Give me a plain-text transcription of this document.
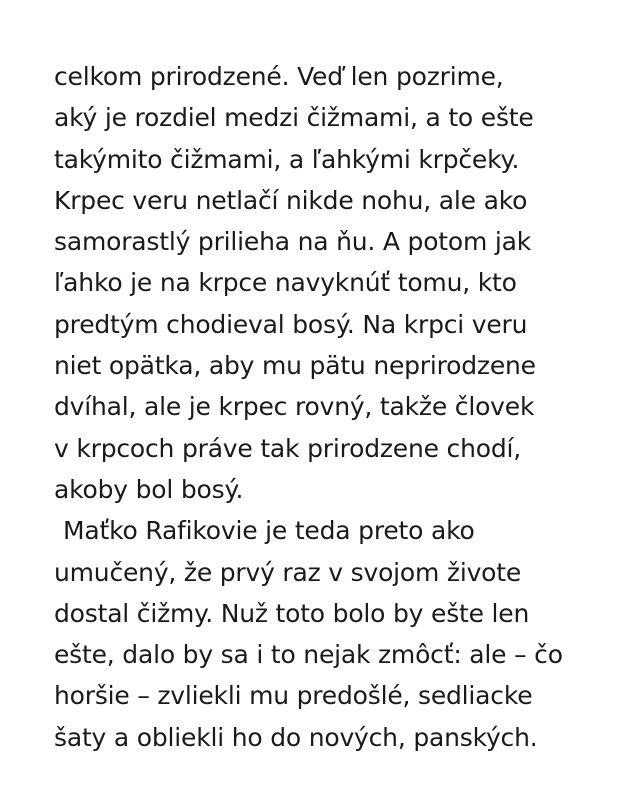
celkom prirodzené. Veď len pozrime,
aký je rozdiel medzi čižmami, a to ešte
takýmito čižmami, a ľahkými krpčeky.
Krpec veru netlačí nikde nohu, ale ako
samorastlý prilieha na ňu. A potom jak
ľahko je na krpce navyknúť tomu, kto
predtým chodieval bosý. Na krpci veru
niet opätka, aby mu pätu neprirodzene
dvíhal, ale je krpec rovný, takže človek
v krpcoch práve tak prirodzene chodí,
akoby bol bosý.
Maťko Rafikovie je teda preto ako
umučený, že prvý raz v svojom živote
dostal čižmy. Nuž toto bolo by ešte len
ešte, dalo by sa i to nejak zmôcť: ale – čo
horšie – zvliekli mu predošlé, sedliacke
šaty a obliekli ho do nových, panských.
